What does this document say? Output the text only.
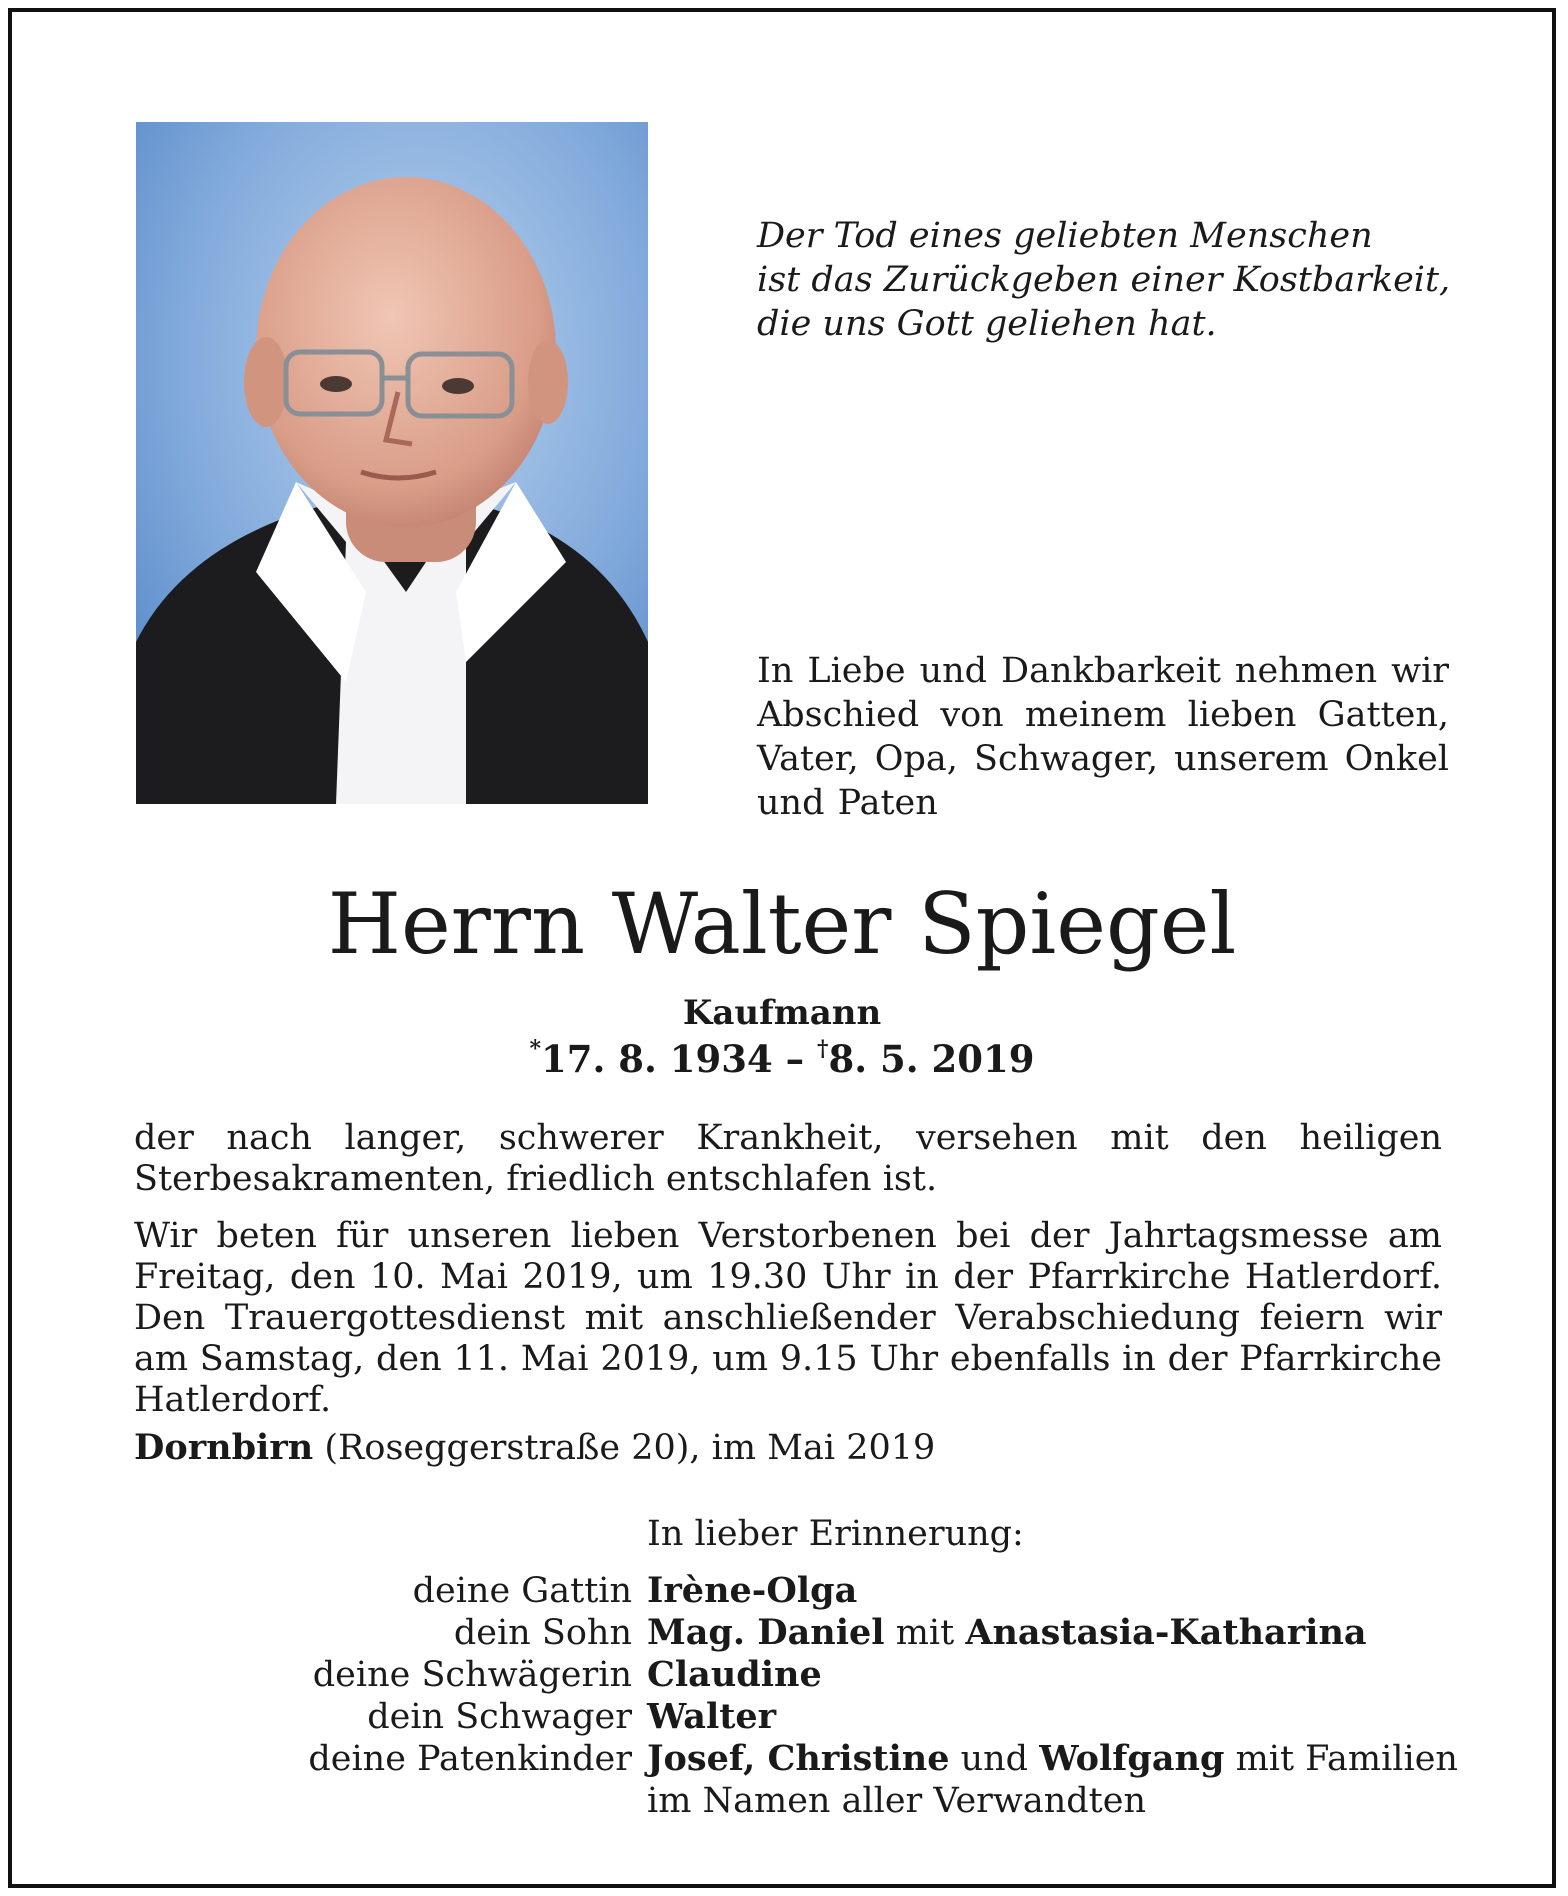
Der Tod eines geliebten Menschen
ist das Zurückgeben einer Kostbarkeit,
die uns Gott geliehen hat.
In Liebe und Dankbarkeit nehmen wir Abschied von meinem lieben Gatten, Vater, Opa, Schwager, unserem Onkel und Paten
Herrn Walter Spiegel
Kaufmann
*17. 8. 1934 – †8. 5. 2019
der nach langer, schwerer Krankheit, versehen mit den heiligen Sterbesakramenten, friedlich entschlafen ist.
Wir beten für unseren lieben Verstorbenen bei der Jahrtagsmesse am Freitag, den 10. Mai 2019, um 19.30 Uhr in der Pfarrkirche Hatlerdorf. Den Trauergottesdienst mit anschließender Verabschiedung feiern wir am Samstag, den 11. Mai 2019, um 9.15 Uhr ebenfalls in der Pfarrkirche Hatlerdorf.
Dornbirn (Roseggerstraße 20), im Mai 2019
In lieber Erinnerung:
deine Gattin Irène-Olga
dein Sohn Mag. Daniel mit Anastasia-Katharina
deine Schwägerin Claudine
dein Schwager Walter
deine Patenkinder Josef, Christine und Wolfgang mit Familien
im Namen aller Verwandten
